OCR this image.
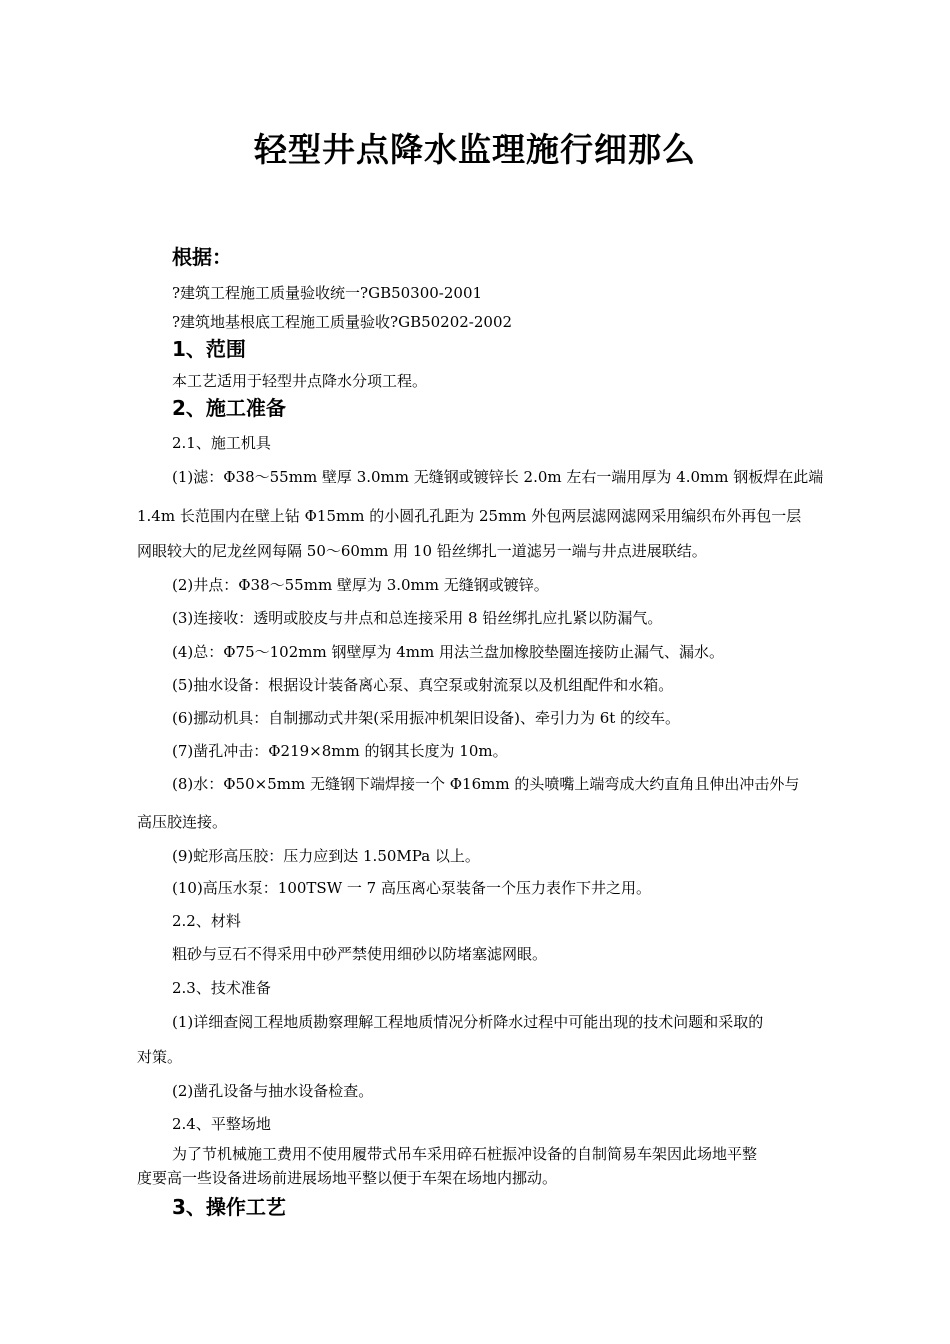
轻型井点降水监理施行细那么
根据：
?建筑工程施工质量验收统一?GB50300-2001
?建筑地基根底工程施工质量验收?GB50202-2002
1、范围
本工艺适用于轻型井点降水分项工程。
2、施工准备
2.1、施工机具
(1)滤：Φ38～55mm 壁厚 3.0mm 无缝钢或镀锌长 2.0m 左右一端用厚为 4.0mm 钢板焊在此端
1.4m 长范围内在壁上钻 Φ15mm 的小圆孔孔距为 25mm 外包两层滤网滤网采用编织布外再包一层
网眼较大的尼龙丝网每隔 50～60mm 用 10 铅丝绑扎一道滤另一端与井点进展联结。
(2)井点：Φ38～55mm 壁厚为 3.0mm 无缝钢或镀锌。
(3)连接收：透明或胶皮与井点和总连接采用 8 铅丝绑扎应扎紧以防漏气。
(4)总：Φ75～102mm 钢壁厚为 4mm 用法兰盘加橡胶垫圈连接防止漏气、漏水。
(5)抽水设备：根据设计装备离心泵、真空泵或射流泵以及机组配件和水箱。
(6)挪动机具：自制挪动式井架(采用振冲机架旧设备)、牵引力为 6t 的绞车。
(7)凿孔冲击：Φ219×8mm 的钢其长度为 10m。
(8)水：Φ50×5mm 无缝钢下端焊接一个 Φ16mm 的头喷嘴上端弯成大约直角且伸出冲击外与
高压胶连接。
(9)蛇形高压胶：压力应到达 1.50MPa 以上。
(10)高压水泵：100TSW 一 7 高压离心泵装备一个压力表作下井之用。
2.2、材料
粗砂与豆石不得采用中砂严禁使用细砂以防堵塞滤网眼。
2.3、技术准备
(1)详细查阅工程地质勘察理解工程地质情况分析降水过程中可能出现的技术问题和采取的
对策。
(2)凿孔设备与抽水设备检查。
2.4、平整场地
为了节机械施工费用不使用履带式吊车采用碎石桩振冲设备的自制简易车架因此场地平整
度要高一些设备进场前进展场地平整以便于车架在场地内挪动。
3、操作工艺
